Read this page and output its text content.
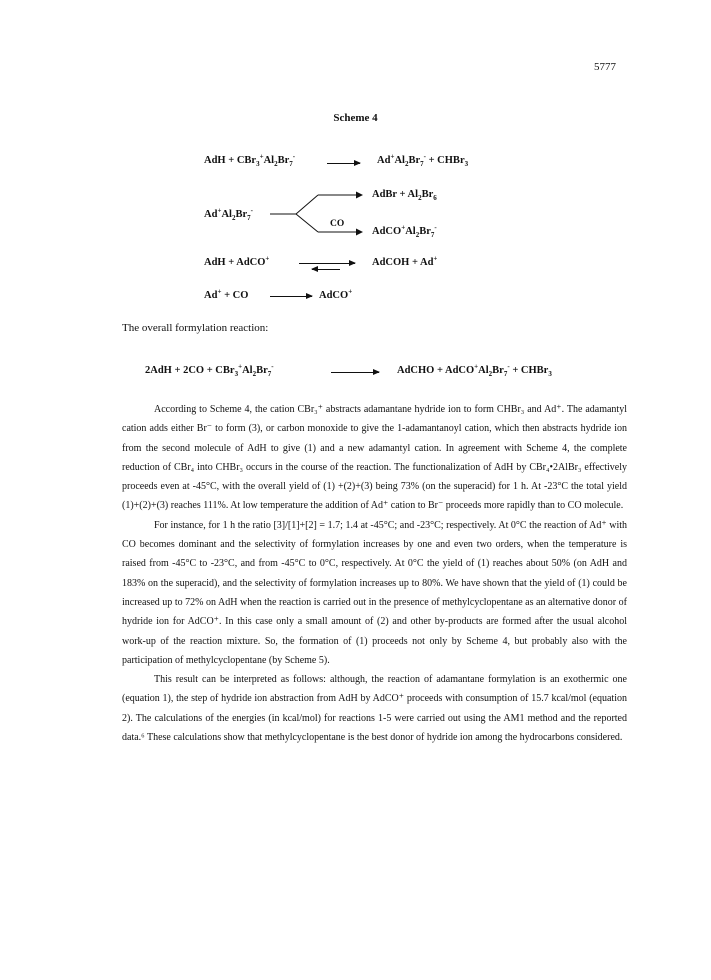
5777
Scheme 4
AdH + $CBr_3^+Al_2Br_7^-$	$Ad^+Al_2Br_7^-$ + CHBr$_3$
$Ad^+Al_2Br_7^-$
AdBr + $Al_2Br_6$
CO
$AdCO^+Al_2Br_7^-$
AdH + AdCO+	AdCOH + Ad+
Ad+ + CO	AdCO+
The overall formylation reaction:
$2AdH + 2CO + CBr_3^+Al_2Br_7^-$	AdCHO + $AdCO^+Al_2Br_7^-$ + CHBr$_3$

According to Scheme 4, the cation CBr₃⁺ abstracts adamantane hydride ion to form CHBr₃ and Ad⁺. The adamantyl cation adds either Br⁻ to form (3), or carbon monoxide to give the 1-adamantanoyl cation, which then abstracts hydride ion from the second molecule of AdH to give (1) and a new adamantyl cation. In agreement with Scheme 4, the complete reduction of CBr₄ into CHBr₃ occurs in the course of the reaction. The functionalization of AdH by CBr₄•2AlBr₃ effectively proceeds even at -45°C, with the overall yield of (1) +(2)+(3) being 73% (on the superacid) for 1 h. At -23°C the total yield (1)+(2)+(3) reaches 111%. At low temperature the addition of Ad⁺ cation to Br⁻ proceeds more rapidly than to CO molecule.

For instance, for 1 h the ratio [3]/[1]+[2] = 1.7; 1.4 at -45°C; and -23°C; respectively. At 0°C the reaction of Ad⁺ with CO becomes dominant and the selectivity of formylation increases by one and even two orders, when the temperature is raised from -45°C to -23°C, and from -45°C to 0°C, respectively. At 0°C the yield of (1) reaches about 50% (on AdH and 183% on the superacid), and the selectivity of formylation increases up to 80%. We have shown that the yield of (1) could be increased up to 72% on AdH when the reaction is carried out in the presence of methylcyclopentane as an alternative donor of hydride ion for AdCO⁺. In this case only a small amount of (2) and other by-products are formed after the usual alcohol work-up of the reaction mixture. So, the formation of (1) proceeds not only by Scheme 4, but probably also with the participation of methylcyclopentane (by Scheme 5).

This result can be interpreted as follows: although, the reaction of adamantane formylation is an exothermic one (equation 1), the step of hydride ion abstraction from AdH by AdCO⁺ proceeds with consumption of 15.7 kcal/mol (equation 2). The calculations of the energies (in kcal/mol) for reactions 1-5 were carried out using the AM1 method and the reported data.⁶ These calculations show that methylcyclopentane is the best donor of hydride ion among the hydrocarbons considered.
